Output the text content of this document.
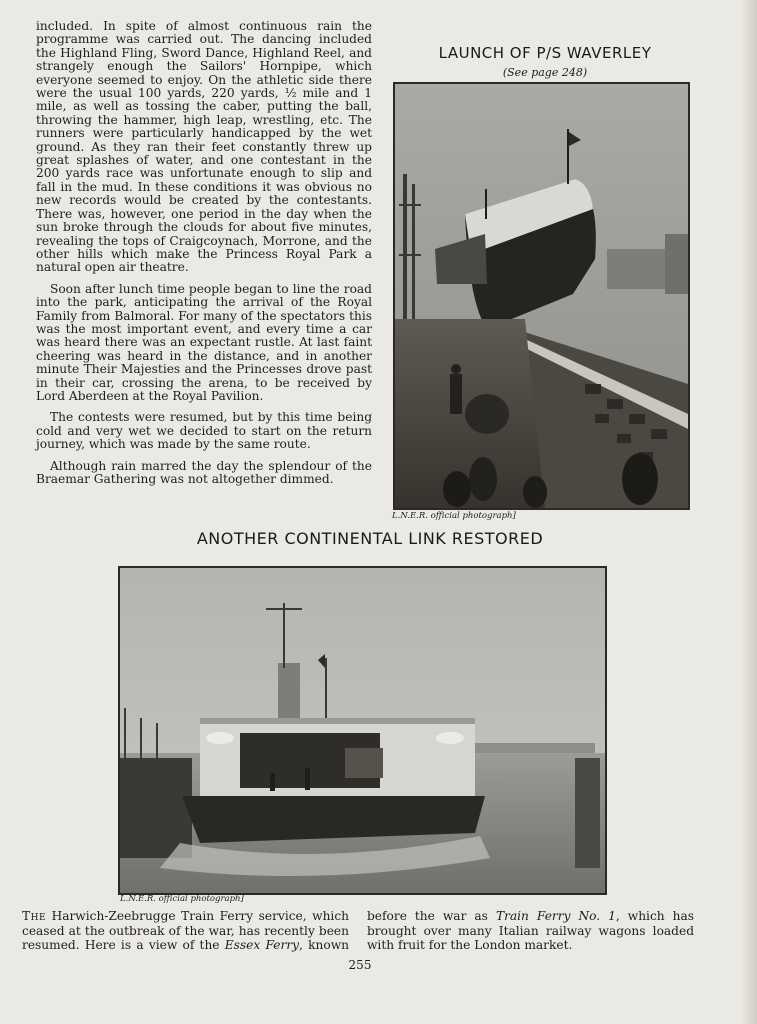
included. In spite of almost continuous rain the programme was carried out. The dancing included the Highland Fling, Sword Dance, Highland Reel, and strangely enough the Sailors' Hornpipe, which everyone seemed to enjoy. On the athletic side there were the usual 100 yards, 220 yards, ½ mile and 1 mile, as well as tossing the caber, putting the ball, throwing the hammer, high leap, wrestling, etc. The runners were particularly handicapped by the wet ground. As they ran their feet constantly threw up great splashes of water, and one contestant in the 200 yards race was unfortunate enough to slip and fall in the mud. In these conditions it was obvious no new records would be created by the contestants. There was, however, one period in the day when the sun broke through the clouds for about five minutes, revealing the tops of Craigcoynach, Morrone, and the other hills which make the Princess Royal Park a natural open air theatre.

Soon after lunch time people began to line the road into the park, anticipating the arrival of the Royal Family from Balmoral. For many of the spectators this was the most important event, and every time a car was heard there was an expectant rustle. At last faint cheering was heard in the distance, and in another minute Their Majesties and the Princesses drove past in their car, crossing the arena, to be received by Lord Aberdeen at the Royal Pavilion.

The contests were resumed, but by this time being cold and very wet we decided to start on the return journey, which was made by the same route.

Although rain marred the day the splendour of the Braemar Gathering was not altogether dimmed.

LAUNCH OF P/S WAVERLEY
(See page 248)
L.N.E.R. official photograph]
ANOTHER CONTINENTAL LINK RESTORED
L.N.E.R. official photograph]
The Harwich-Zeebrugge Train Ferry service, which ceased at the outbreak of the war, has recently been resumed. Here is a view of the Essex Ferry, known before the war as Train Ferry No. 1, which has brought over many Italian railway wagons loaded with fruit for the London market.
255
